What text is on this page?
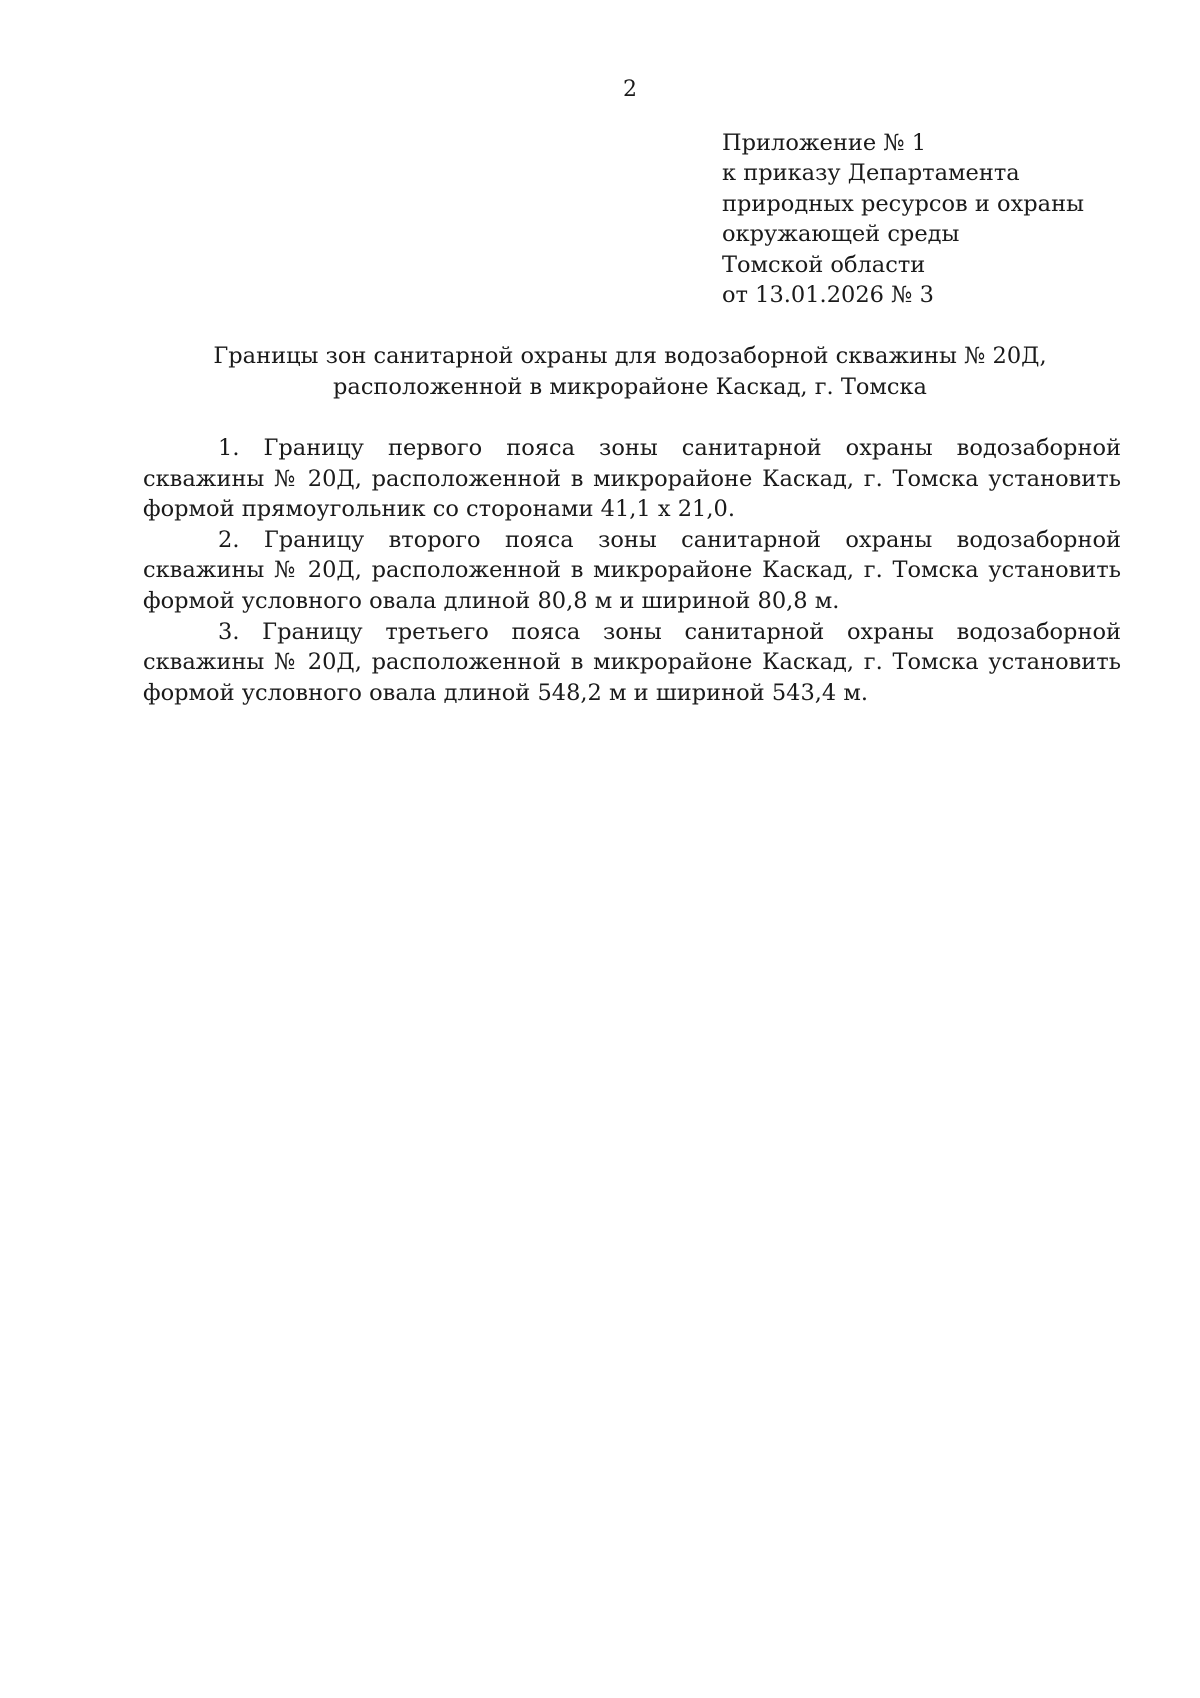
2
Приложение № 1
к приказу Департамента
природных ресурсов и охраны
окружающей среды
Томской области
от 13.01.2026 № 3
Границы зон санитарной охраны для водозаборной скважины № 20Д,
расположенной в микрорайоне Каскад, г. Томска

1. Границу первого пояса зоны санитарной охраны водозаборной скважины № 20Д, расположенной в микрорайоне Каскад, г. Томска установить формой прямоугольник со сторонами 41,1 х 21,0.

2. Границу второго пояса зоны санитарной охраны водозаборной скважины № 20Д, расположенной в микрорайоне Каскад, г. Томска установить формой условного овала длиной 80,8 м и шириной 80,8 м.

3. Границу третьего пояса зоны санитарной охраны водозаборной скважины № 20Д, расположенной в микрорайоне Каскад, г. Томска установить формой условного овала длиной 548,2 м и шириной 543,4 м.
